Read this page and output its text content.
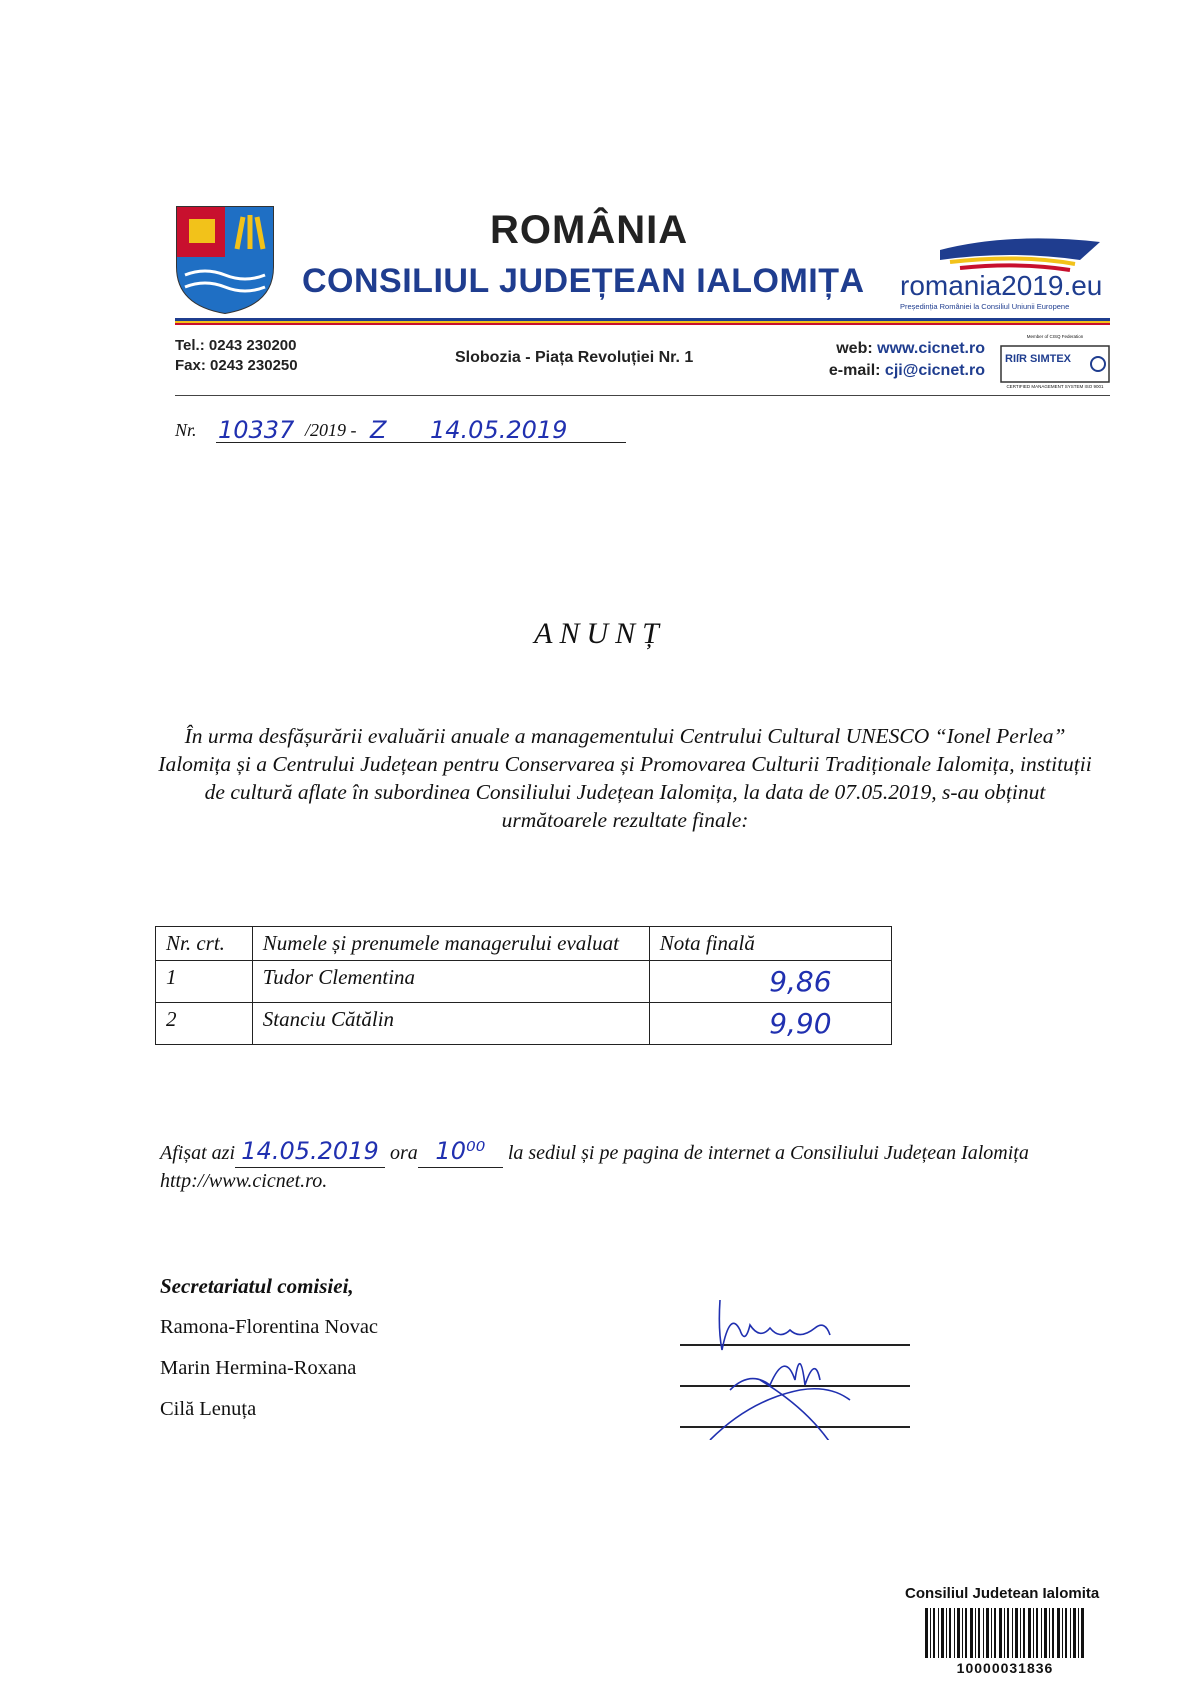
ROMÂNIA
CONSILIUL JUDEȚEAN IALOMIȚA romania2019.eu
Președinția României la Consiliul Uniunii Europene
Tel.: 0243 230200
Fax: 0243 230250	Slobozia - Piața Revoluției Nr. 1
web: www.cicnet.ro
e-mail: cji@cicnet.ro
Member of CISQ Federation
RIſR SIMTEX
CERTIFIED MANAGEMENT SYSTEM ISO 9001
Nr. 10337 /2019 - Z 14.05.2019
ANUNȚ
În urma desfășurării evaluării anuale a managementului Centrului Cultural UNESCO “Ionel Perlea” Ialomița și a Centrului Județean pentru Conservarea și Promovarea Culturii Tradiționale Ialomița, instituții de cultură aflate în subordinea Consiliului Județean Ialomița, la data de 07.05.2019, s-au obținut următoarele rezultate finale:
Nr. crt.	Numele și prenumele managerului evaluat	Nota finală
1	Tudor Clementina	9,86

2	Stanciu Cătălin	9,90
Afișat azi 14.05.2019 ora 10⁰⁰ la sediul și pe pagina de internet a Consiliului Județean Ialomița http://www.cicnet.ro.
Secretariatul comisiei,
Ramona-Florentina Novac
Marin Hermina-Roxana
Cilă Lenuța
Consiliul Judetean Ialomita
10000031836
